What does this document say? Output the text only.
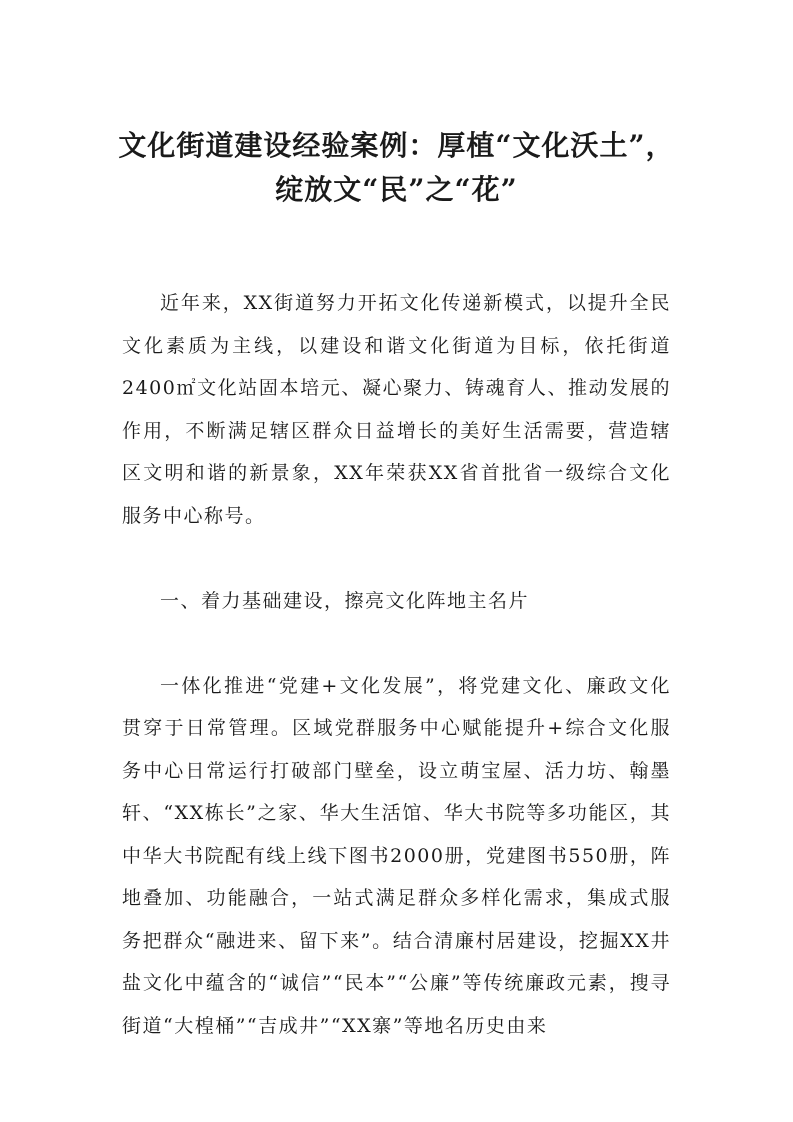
文化街道建设经验案例：厚植“文化沃土”，
绽放文“民”之“花”

近年来，XX街道努力开拓文化传递新模式，以提升全民文化素质为主线，以建设和谐文化街道为目标，依托街道2400㎡文化站固本培元、凝心聚力、铸魂育人、推动发展的作用，不断满足辖区群众日益增长的美好生活需要，营造辖区文明和谐的新景象，XX年荣获XX省首批省一级综合文化服务中心称号。

一、着力基础建设，擦亮文化阵地主名片

一体化推进“党建+文化发展”，将党建文化、廉政文化贯穿于日常管理。区域党群服务中心赋能提升+综合文化服务中心日常运行打破部门壁垒，设立萌宝屋、活力坊、翰墨轩、“XX栋长”之家、华大生活馆、华大书院等多功能区，其中华大书院配有线上线下图书2000册，党建图书550册，阵地叠加、功能融合，一站式满足群众多样化需求，集成式服务把群众“融进来、留下来”。结合清廉村居建设，挖掘XX井盐文化中蕴含的“诚信”“民本”“公廉”等传统廉政元素，搜寻街道“大楻桶”“吉成井”“XX寨”等地名历史由来
